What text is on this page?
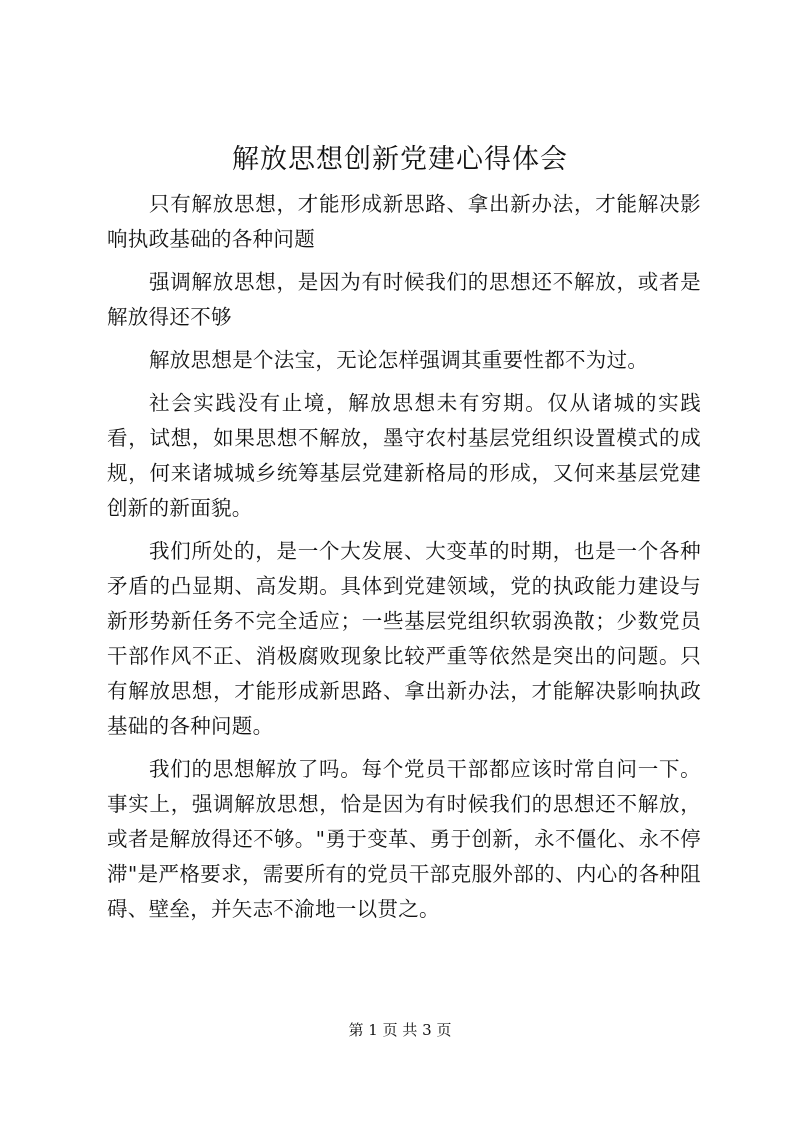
解放思想创新党建心得体会

只有解放思想，才能形成新思路、拿出新办法，才能解决影响执政基础的各种问题

强调解放思想，是因为有时候我们的思想还不解放，或者是解放得还不够

解放思想是个法宝，无论怎样强调其重要性都不为过。

社会实践没有止境，解放思想未有穷期。仅从诸城的实践看，试想，如果思想不解放，墨守农村基层党组织设置模式的成规，何来诸城城乡统筹基层党建新格局的形成，又何来基层党建创新的新面貌。

我们所处的，是一个大发展、大变革的时期，也是一个各种矛盾的凸显期、高发期。具体到党建领域，党的执政能力建设与新形势新任务不完全适应；一些基层党组织软弱涣散；少数党员干部作风不正、消极腐败现象比较严重等依然是突出的问题。只有解放思想，才能形成新思路、拿出新办法，才能解决影响执政基础的各种问题。

我们的思想解放了吗。每个党员干部都应该时常自问一下。事实上，强调解放思想，恰是因为有时候我们的思想还不解放，或者是解放得还不够。"勇于变革、勇于创新，永不僵化、永不停滞"是严格要求，需要所有的党员干部克服外部的、内心的各种阻碍、壁垒，并矢志不渝地一以贯之。

第 1 页 共 3 页
